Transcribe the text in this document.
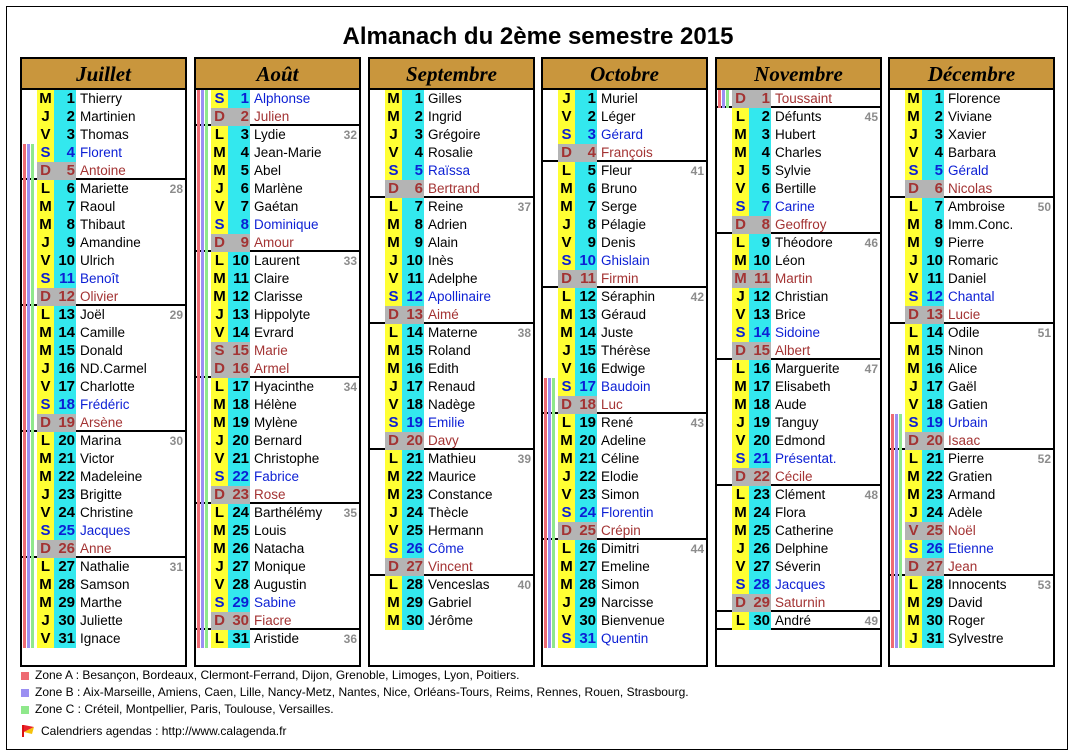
Almanach du 2ème semestre 2015
Juillet
M 1 Thierry
J	2 Martinien
V	3 Thomas
S	4 Florent
D	5 Antoine
L	6 Mariette	28
M 7 Raoul
M 8 Thibaut
J	9 Amandine
V 10 Ulrich
S 11 Benoît
D 12 Olivier
L 13 Joël	29
M 14 Camille
M 15 Donald
J 16 ND.Carmel
V 17 Charlotte
S 18 Frédéric
D 19 Arsène
L 20 Marina	30
M 21 Victor
M 22 Madeleine
J 23 Brigitte
V 24 Christine
S 25 Jacques
D 26 Anne
L 27 Nathalie	31
M 28 Samson
M 29 Marthe
J 30 Juliette
V 31 Ignace
Août
S	1 Alphonse
D	2 Julien
L	3 Lydie	32
M 4 Jean-Marie
M 5 Abel
J	6 Marlène
V	7 Gaétan
S	8 Dominique
D	9 Amour
L 10 Laurent	33
M 11 Claire
M 12 Clarisse
J 13 Hippolyte
V 14 Evrard
S 15 Marie
D 16 Armel
L 17 Hyacinthe	34
M 18 Hélène
M 19 Mylène
J 20 Bernard
V 21 Christophe
S 22 Fabrice
D 23 Rose
L 24 Barthélémy	35
M 25 Louis
M 26 Natacha
J 27 Monique
V 28 Augustin
S 29 Sabine
D 30 Fiacre
L 31 Aristide	36
Septembre
M 1 Gilles
M 2 Ingrid
J	3 Grégoire
V	4 Rosalie
S	5 Raïssa
D	6 Bertrand
L	7 Reine	37
M 8 Adrien
M 9 Alain
J 10 Inès
V 11 Adelphe
S 12 Apollinaire
D 13 Aimé
L 14 Materne	38
M 15 Roland
M 16 Edith
J 17 Renaud
V 18 Nadège
S 19 Emilie
D 20 Davy
L 21 Mathieu	39
M 22 Maurice
M 23 Constance
J 24 Thècle
V 25 Hermann
S 26 Côme
D 27 Vincent
L 28 Venceslas	40
M 29 Gabriel
M 30 Jérôme
Octobre
J	1 Muriel
V	2 Léger
S	3 Gérard
D	4 François
L	5 Fleur	41
M 6 Bruno
M 7 Serge
J	8 Pélagie
V	9 Denis
S 10 Ghislain
D 11 Firmin
L 12 Séraphin	42
M 13 Géraud
M 14 Juste
J 15 Thérèse
V 16 Edwige
S 17 Baudoin
D 18 Luc
L 19 René	43
M 20 Adeline
M 21 Céline
J 22 Elodie
V 23 Simon
S 24 Florentin
D 25 Crépin
L 26 Dimitri	44
M 27 Emeline
M 28 Simon
J 29 Narcisse
V 30 Bienvenue
S 31 Quentin
Novembre
D	1 Toussaint
L	2 Défunts	45
M 3 Hubert
M 4 Charles
J	5 Sylvie
V	6 Bertille
S	7 Carine
D	8 Geoffroy
L	9 Théodore	46
M 10 Léon
M 11 Martin
J 12 Christian
V 13 Brice
S 14 Sidoine
D 15 Albert
L 16 Marguerite	47
M 17 Elisabeth
M 18 Aude
J 19 Tanguy
V 20 Edmond
S 21 Présentat.
D 22 Cécile
L 23 Clément	48
M 24 Flora
M 25 Catherine
J 26 Delphine
V 27 Séverin
S 28 Jacques
D 29 Saturnin
L 30 André	49
Décembre
M 1 Florence
M 2 Viviane
J	3 Xavier
V	4 Barbara
S	5 Gérald
D	6 Nicolas
L	7 Ambroise	50
M 8 Imm.Conc.
M 9 Pierre
J 10 Romaric
V 11 Daniel
S 12 Chantal
D 13 Lucie
L 14 Odile	51
M 15 Ninon
M 16 Alice
J 17 Gaël
V 18 Gatien
S 19 Urbain
D 20 Isaac
L 21 Pierre	52
M 22 Gratien
M 23 Armand
J 24 Adèle
V 25 Noël
S 26 Etienne
D 27 Jean
L 28 Innocents	53
M 29 David
M 30 Roger
J 31 Sylvestre
Zone A : Besançon, Bordeaux, Clermont-Ferrand, Dijon, Grenoble, Limoges, Lyon, Poitiers.
Zone B : Aix-Marseille, Amiens, Caen, Lille, Nancy-Metz, Nantes, Nice, Orléans-Tours, Reims, Rennes, Rouen, Strasbourg.
Zone C : Créteil, Montpellier, Paris, Toulouse, Versailles.
Calendriers agendas : http://www.calagenda.fr
